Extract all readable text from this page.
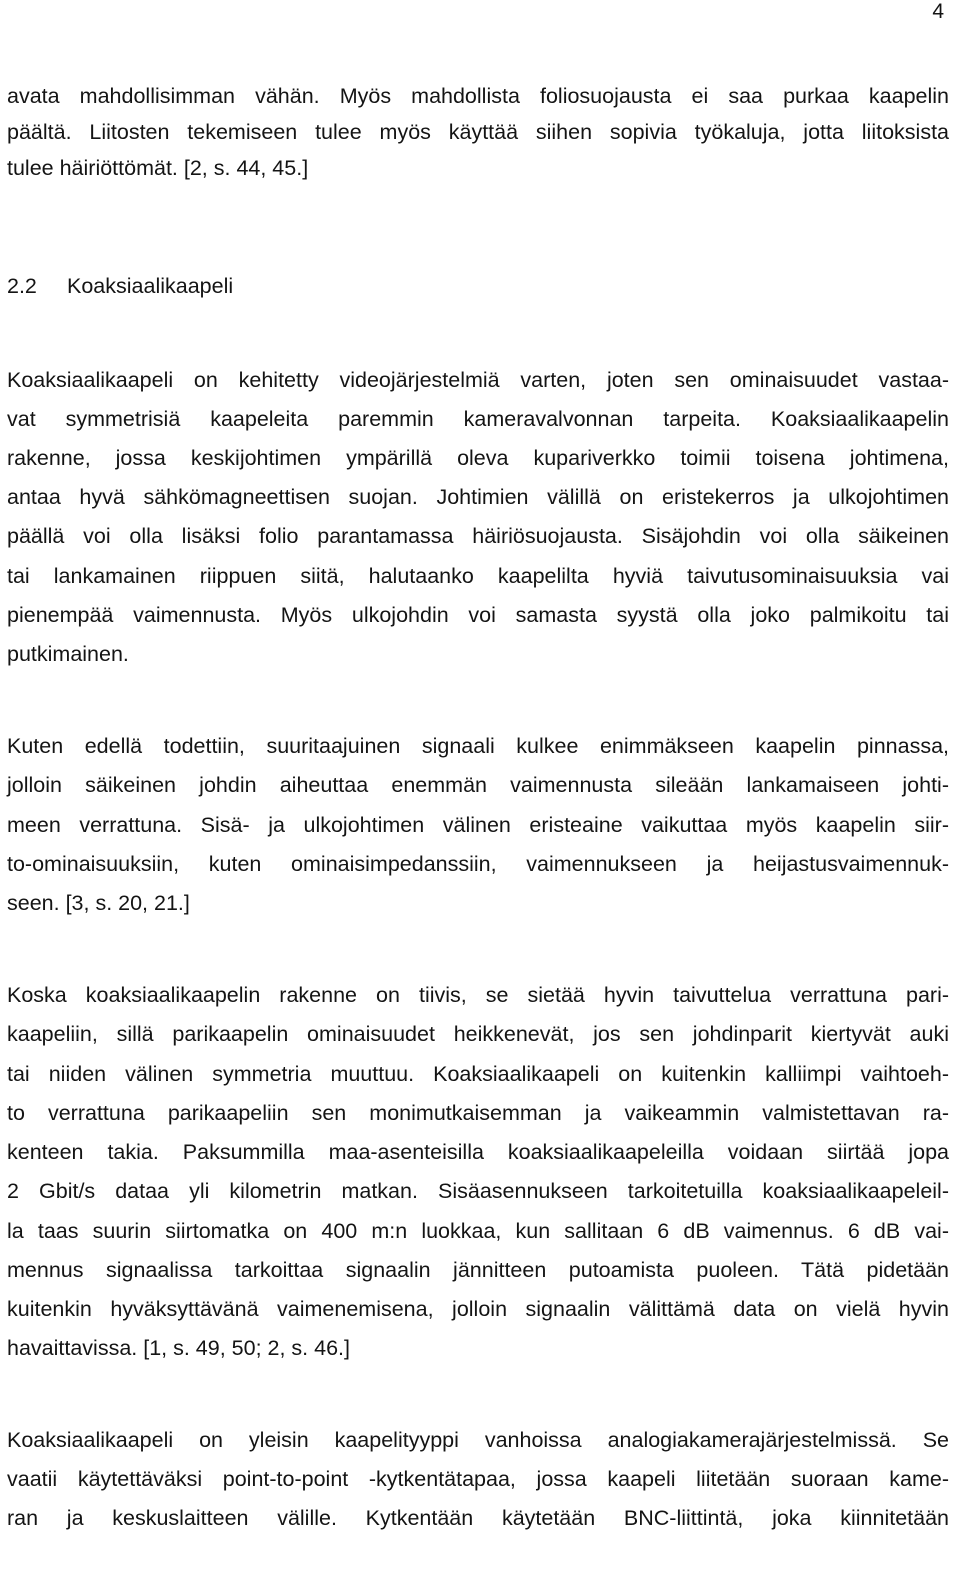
4
avata mahdollisimman vähän. Myös mahdollista foliosuojausta ei saa purkaa kaapelin
päältä. Liitosten tekemiseen tulee myös käyttää siihen sopivia työkaluja, jotta liitoksista
tulee häiriöttömät. [2, s. 44, 45.]
2.2 Koaksiaalikaapeli
Koaksiaalikaapeli on kehitetty videojärjestelmiä varten, joten sen ominaisuudet vastaa-
vat symmetrisiä kaapeleita paremmin kameravalvonnan tarpeita. Koaksiaalikaapelin
rakenne, jossa keskijohtimen ympärillä oleva kupariverkko toimii toisena johtimena,
antaa hyvä sähkömagneettisen suojan. Johtimien välillä on eristekerros ja ulkojohtimen
päällä voi olla lisäksi folio parantamassa häiriösuojausta. Sisäjohdin voi olla säikeinen
tai lankamainen riippuen siitä, halutaanko kaapelilta hyviä taivutusominaisuuksia vai
pienempää vaimennusta. Myös ulkojohdin voi samasta syystä olla joko palmikoitu tai
putkimainen.
Kuten edellä todettiin, suuritaajuinen signaali kulkee enimmäkseen kaapelin pinnassa,
jolloin säikeinen johdin aiheuttaa enemmän vaimennusta sileään lankamaiseen johti-
meen verrattuna. Sisä- ja ulkojohtimen välinen eristeaine vaikuttaa myös kaapelin siir-
to-ominaisuuksiin, kuten ominaisimpedanssiin, vaimennukseen ja heijastusvaimennuk-
seen. [3, s. 20, 21.]
Koska koaksiaalikaapelin rakenne on tiivis, se sietää hyvin taivuttelua verrattuna pari-
kaapeliin, sillä parikaapelin ominaisuudet heikkenevät, jos sen johdinparit kiertyvät auki
tai niiden välinen symmetria muuttuu. Koaksiaalikaapeli on kuitenkin kalliimpi vaihtoeh-
to verrattuna parikaapeliin sen monimutkaisemman ja vaikeammin valmistettavan ra-
kenteen takia. Paksummilla maa-asenteisilla koaksiaalikaapeleilla voidaan siirtää jopa
2 Gbit/s dataa yli kilometrin matkan. Sisäasennukseen tarkoitetuilla koaksiaalikaapeleil-
la taas suurin siirtomatka on 400 m:n luokkaa, kun sallitaan 6 dB vaimennus. 6 dB vai-
mennus signaalissa tarkoittaa signaalin jännitteen putoamista puoleen. Tätä pidetään
kuitenkin hyväksyttävänä vaimenemisena, jolloin signaalin välittämä data on vielä hyvin
havaittavissa. [1, s. 49, 50; 2, s. 46.]
Koaksiaalikaapeli on yleisin kaapelityyppi vanhoissa analogiakamerajärjestelmissä. Se
vaatii käytettäväksi point-to-point -kytkentätapaa, jossa kaapeli liitetään suoraan kame-
ran ja keskuslaitteen välille. Kytkentään käytetään BNC-liittintä, joka kiinnitetään
